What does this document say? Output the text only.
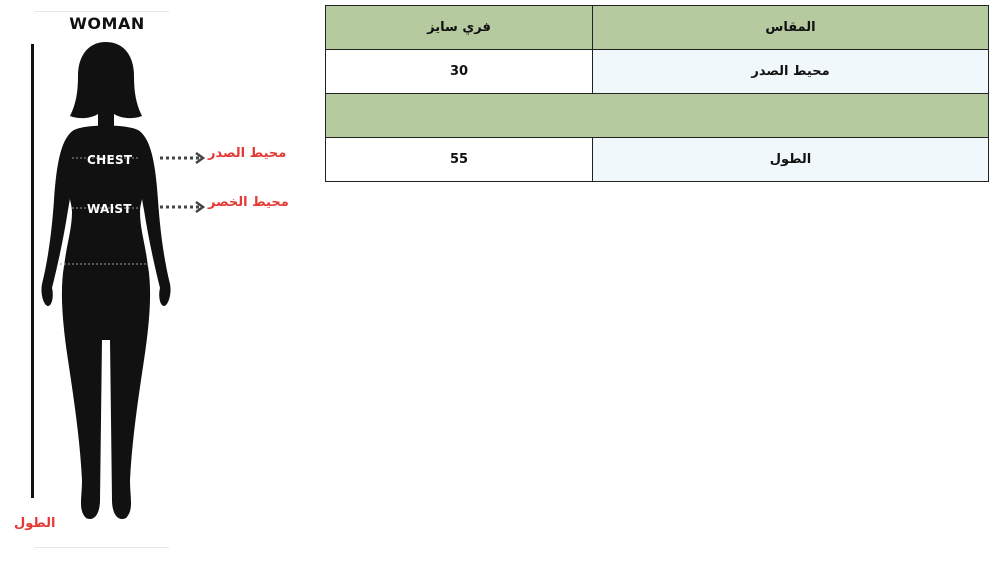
WOMAN
CHEST
WAIST
محيط الصدر
محيط الخصر
الطول
فري سايز	المقاس
30	محيط الصدر

55	الطول
